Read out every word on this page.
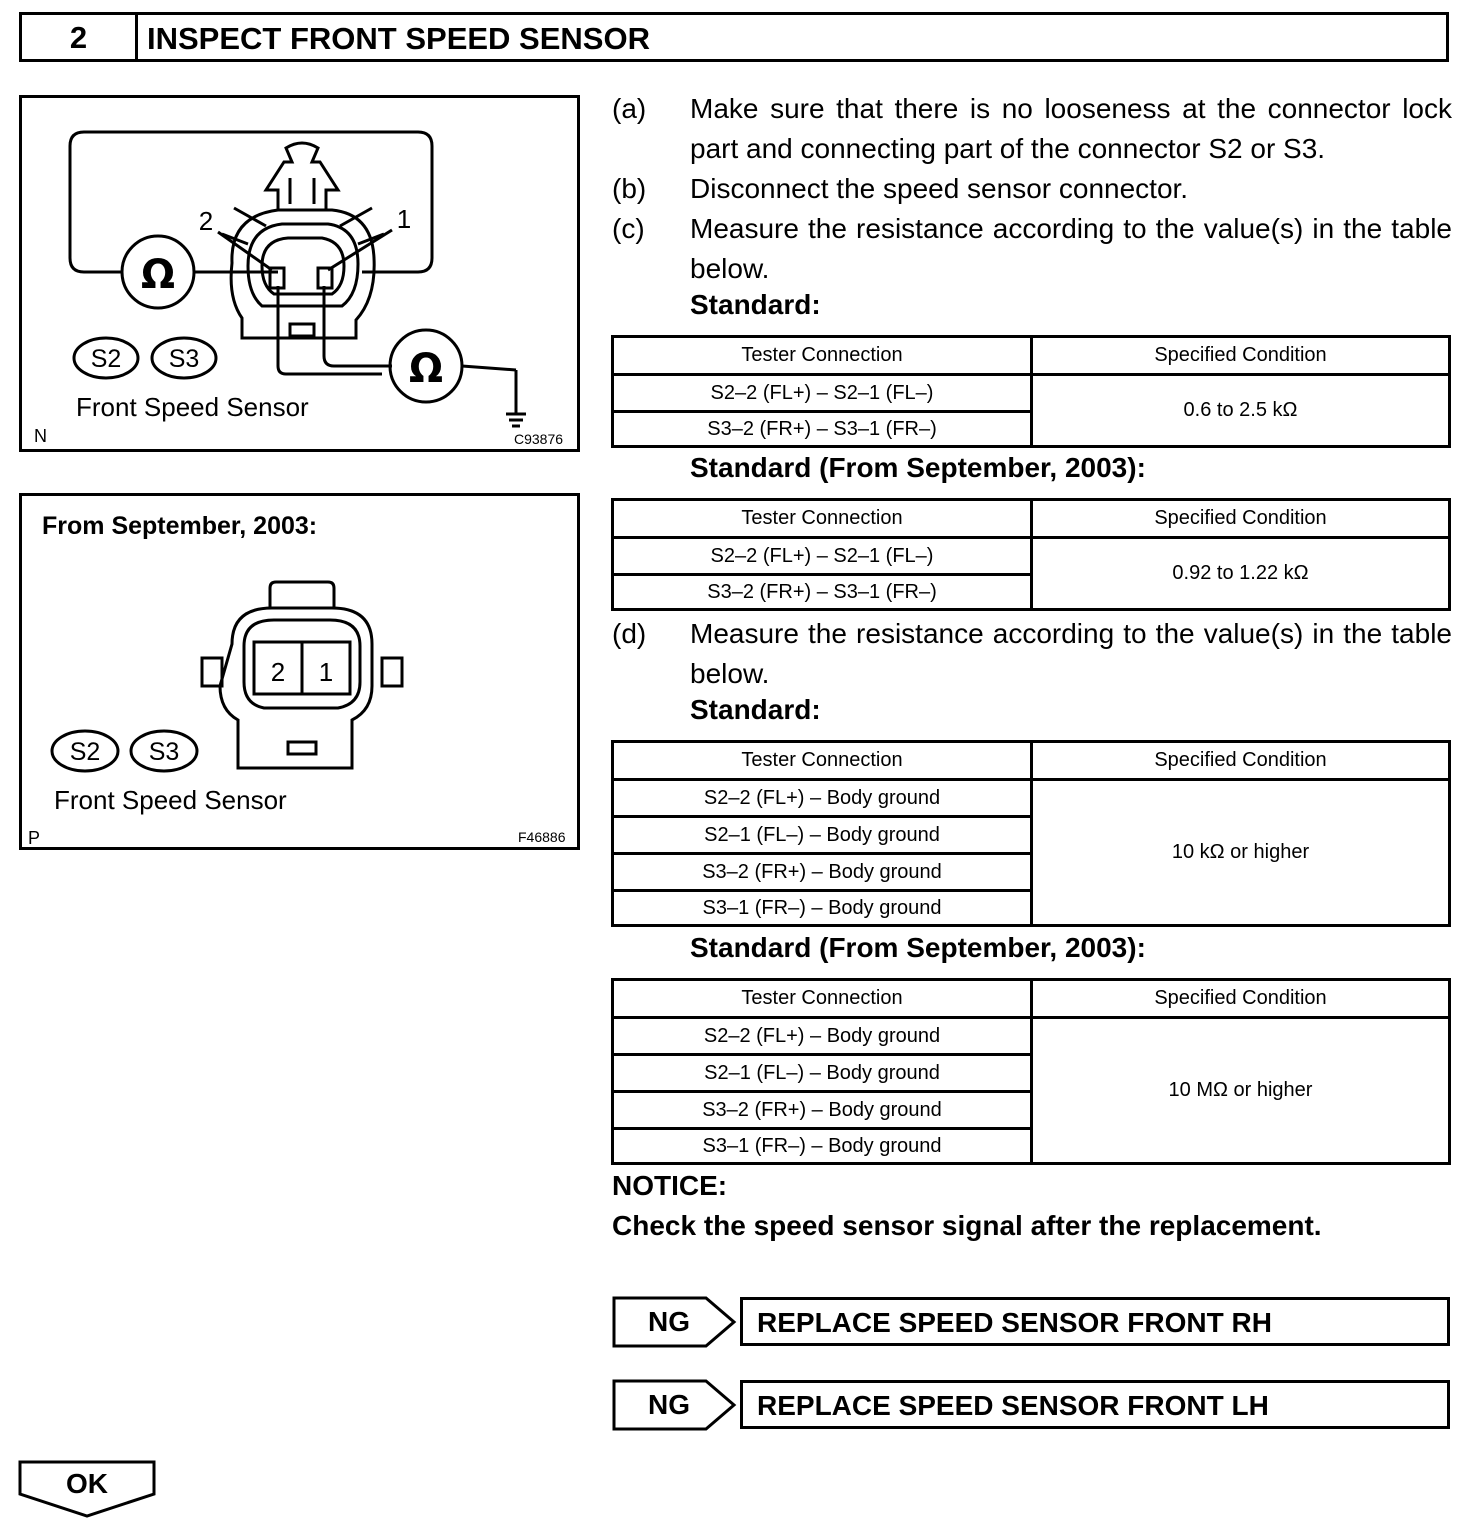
2	INSPECT FRONT SPEED SENSOR
Ω
Ω
2	1
S2 S3
Front Speed Sensor
N	C93876
From September, 2003:
2 1
S2 S3
Front Speed Sensor
P	F46886
(a) Make sure that there is no looseness at the connector lock part and connecting part of the connector S2 or S3.
(b) Disconnect the speed sensor connector.
(c) Measure the resistance according to the value(s) in the table below.
Standard:
Tester Connection	Specified Condition
S2–2 (FL+) – S2–1 (FL–)	0.6 to 2.5 kΩ
S3–2 (FR+) – S3–1 (FR–)	
Standard (From September, 2003):
Tester Connection	Specified Condition
S2–2 (FL+) – S2–1 (FL–)	0.92 to 1.22 kΩ
S3–2 (FR+) – S3–1 (FR–)	
(d) Measure the resistance according to the value(s) in the table below.
Standard:
Tester Connection	Specified Condition
S2–2 (FL+) – Body ground	10 kΩ or higher
S2–1 (FL–) – Body ground	
S3–2 (FR+) – Body ground	
S3–1 (FR–) – Body ground	
Standard (From September, 2003):
Tester Connection	Specified Condition
S2–2 (FL+) – Body ground	10 MΩ or higher
S2–1 (FL–) – Body ground	
S3–2 (FR+) – Body ground	
S3–1 (FR–) – Body ground	
NOTICE:
Check the speed sensor signal after the replacement.
NG	REPLACE SPEED SENSOR FRONT RH
NG	REPLACE SPEED SENSOR FRONT LH
OK
